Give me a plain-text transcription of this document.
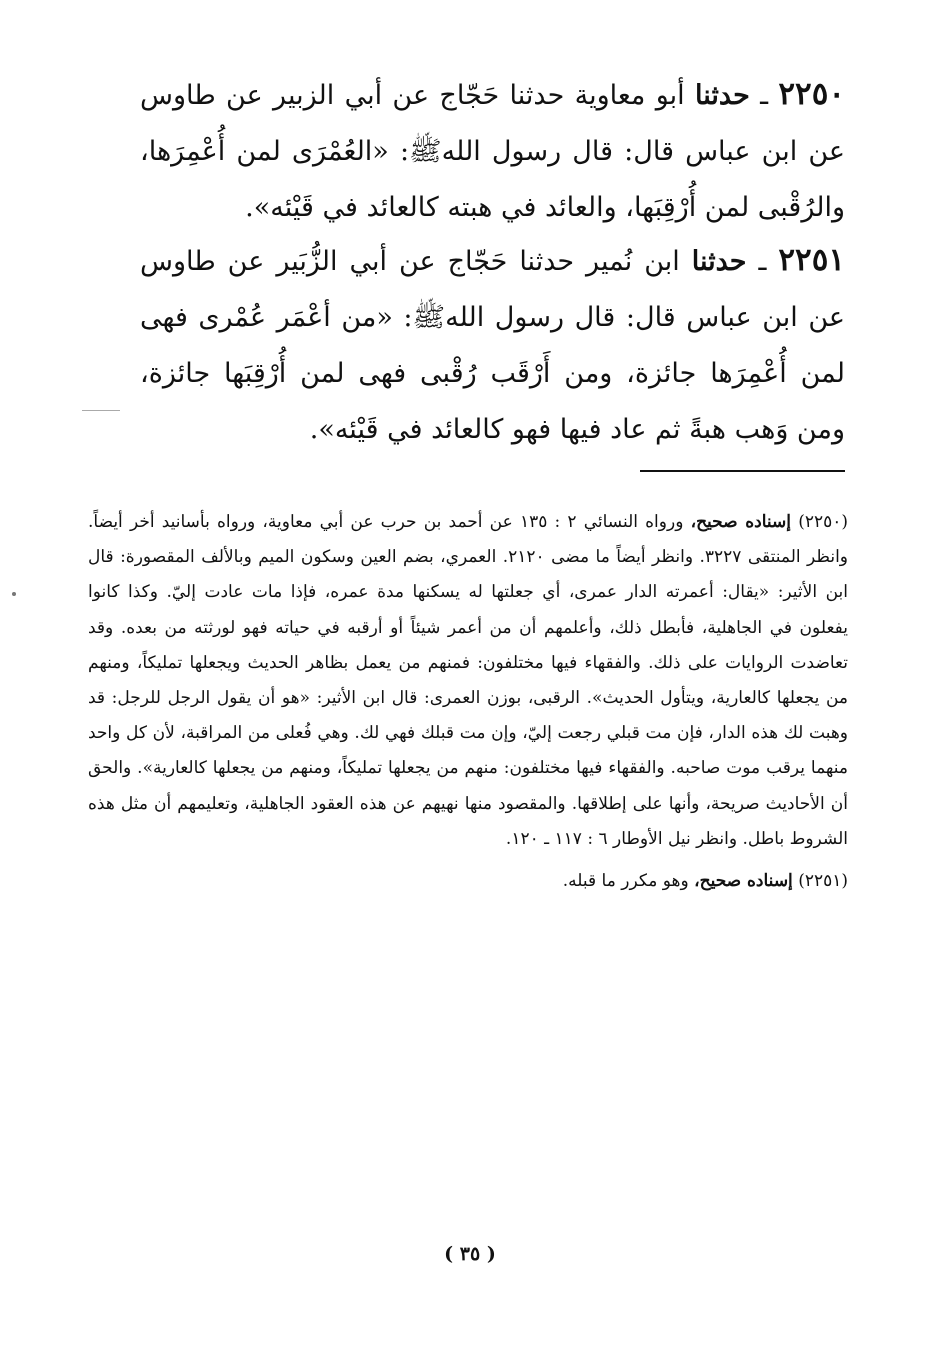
٢٢٥٠ ـ حدثنا أبو معاوية حدثنا حَجّاج عن أبي الزبير عن طاوس عن ابن عباس قال: قال رسول اللهﷺ: «العُمْرَى لمن أُعْمِرَها، والرُقْبى لمن أُرْقِبَها، والعائد في هبته كالعائد في قَيْئه».
٢٢٥١ ـ حدثنا ابن نُمير حدثنا حَجّاج عن أبي الزُّبَير عن طاوس عن ابن عباس قال: قال رسول اللهﷺ: «من أعْمَر عُمْرى فهى لمن أُعْمِرَها جائزة، ومن أَرْقَب رُقْبى فهى لمن أُرْقِبَها جائزة، ومن وَهب هبةً ثم عاد فيها فهو كالعائد في قَيْئه».

(٢٢٥٠) إسناده صحيح، ورواه النسائي ٢ : ١٣٥ عن أحمد بن حرب عن أبي معاوية، ورواه بأسانيد أخر أيضاً. وانظر المنتقى ٣٢٢٧. وانظر أيضاً ما مضى ٢١٢٠. العمري، بضم العين وسكون الميم وبالألف المقصورة: قال ابن الأثير: «يقال: أعمرته الدار عمرى، أي جعلتها له يسكنها مدة عمره، فإذا مات عادت إليّ. وكذا كانوا يفعلون في الجاهلية، فأبطل ذلك، وأعلمهم أن من أعمر شيئاً أو أرقبه في حياته فهو لورثته من بعده. وقد تعاضدت الروايات على ذلك. والفقهاء فيها مختلفون: فمنهم من يعمل بظاهر الحديث ويجعلها تمليكاً، ومنهم من يجعلها كالعارية، ويتأول الحديث». الرقبى، بوزن العمرى: قال ابن الأثير: «هو أن يقول الرجل للرجل: قد وهبت لك هذه الدار، فإن مت قبلي رجعت إليّ، وإن مت قبلك فهي لك. وهي فُعلى من المراقبة، لأن كل واحد منهما يرقب موت صاحبه. والفقهاء فيها مختلفون: منهم من يجعلها تمليكاً، ومنهم من يجعلها كالعارية». والحق أن الأحاديث صريحة، وأنها على إطلاقها. والمقصود منها نهيهم عن هذه العقود الجاهلية، وتعليمهم أن مثل هذه الشروط باطل. وانظر نيل الأوطار ٦ : ١١٧ ـ ١٢٠.

(٢٢٥١) إسناده صحيح، وهو مكرر ما قبله.

( ٣٥ )
